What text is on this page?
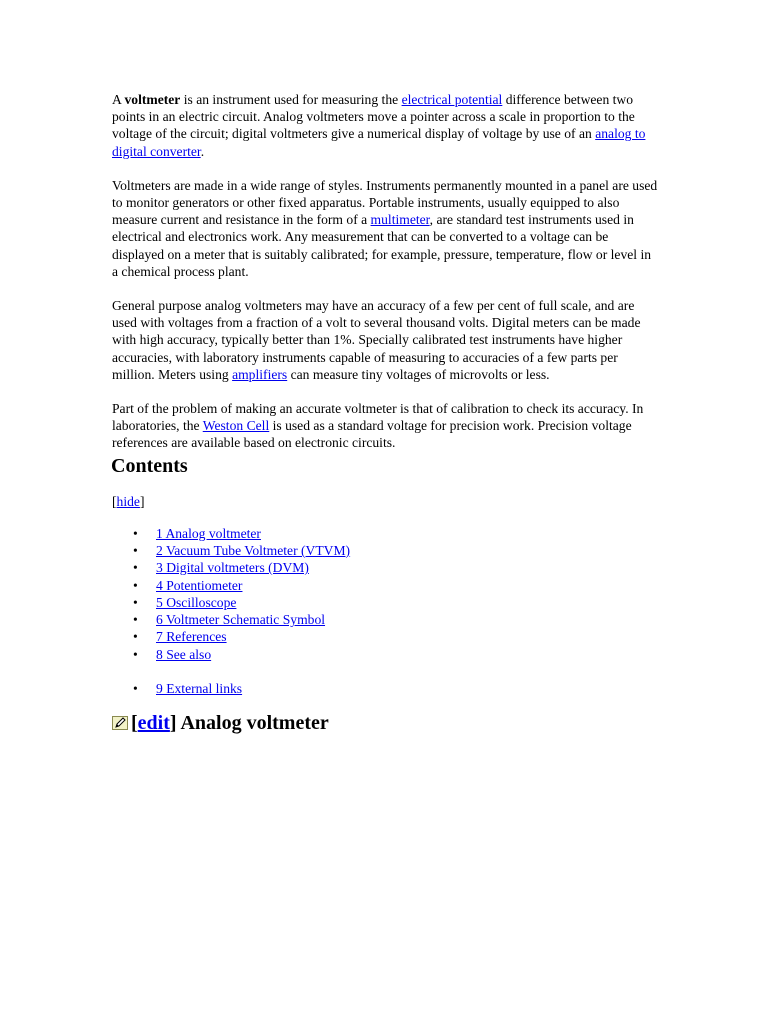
A voltmeter is an instrument used for measuring the electrical potential difference between two points in an electric circuit. Analog voltmeters move a pointer across a scale in proportion to the voltage of the circuit; digital voltmeters give a numerical display of voltage by use of an analog to digital converter.

Voltmeters are made in a wide range of styles. Instruments permanently mounted in a panel are used to monitor generators or other fixed apparatus. Portable instruments, usually equipped to also measure current and resistance in the form of a multimeter, are standard test instruments used in electrical and electronics work. Any measurement that can be converted to a voltage can be displayed on a meter that is suitably calibrated; for example, pressure, temperature, flow or level in a chemical process plant.

General purpose analog voltmeters may have an accuracy of a few per cent of full scale, and are used with voltages from a fraction of a volt to several thousand volts. Digital meters can be made with high accuracy, typically better than 1%. Specially calibrated test instruments have higher accuracies, with laboratory instruments capable of measuring to accuracies of a few parts per million. Meters using amplifiers can measure tiny voltages of microvolts or less.

Part of the problem of making an accurate voltmeter is that of calibration to check its accuracy. In laboratories, the Weston Cell is used as a standard voltage for precision work. Precision voltage references are available based on electronic circuits.

Contents
[hide]
• 1 Analog voltmeter
• 2 Vacuum Tube Voltmeter (VTVM)
• 3 Digital voltmeters (DVM)
• 4 Potentiometer
• 5 Oscilloscope
• 6 Voltmeter Schematic Symbol
• 7 References
• 8 See also
• 9 External links
[ edit ] Analog voltmeter
